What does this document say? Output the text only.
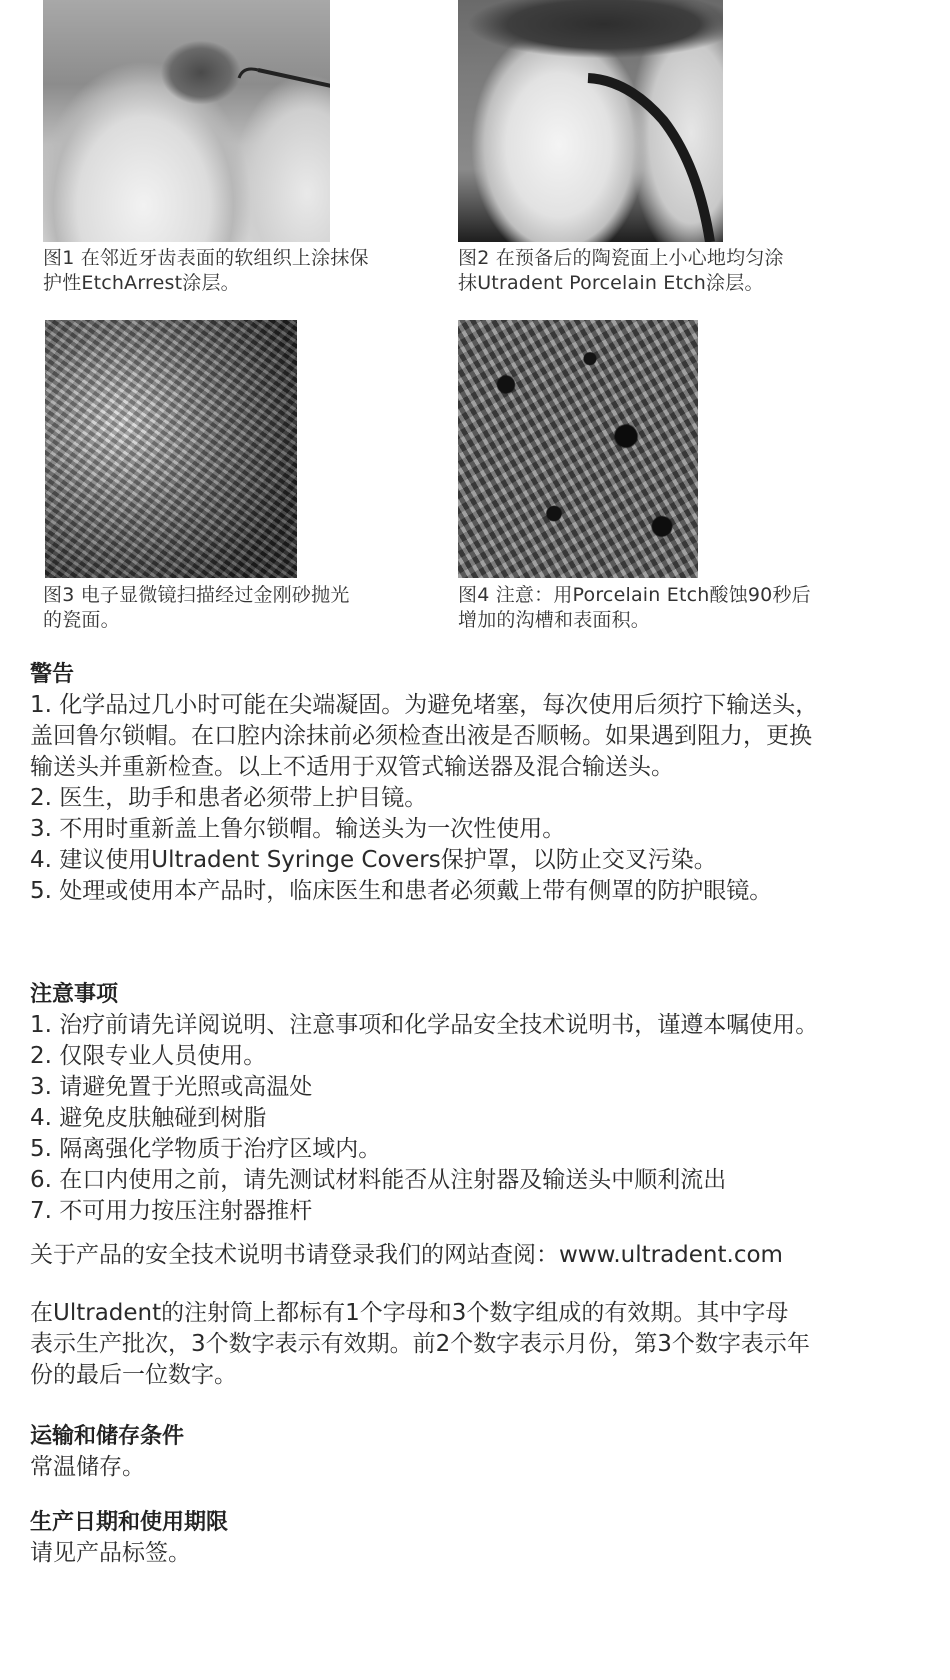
图1 在邻近牙齿表面的软组织上涂抹保
护性EtchArrest涂层。
图2 在预备后的陶瓷面上小心地均匀涂
抹Utradent Porcelain Etch涂层。
图3 电子显微镜扫描经过金刚砂抛光
的瓷面。
图4 注意：用Porcelain Etch酸蚀90秒后
增加的沟槽和表面积。
警告
1. 化学品过几小时可能在尖端凝固。为避免堵塞，每次使用后须拧下输送头，
盖回鲁尔锁帽。在口腔内涂抹前必须检查出液是否顺畅。如果遇到阻力，更换
输送头并重新检查。以上不适用于双管式输送器及混合输送头。
2. 医生，助手和患者必须带上护目镜。
3. 不用时重新盖上鲁尔锁帽。输送头为一次性使用。
4. 建议使用Ultradent Syringe Covers保护罩，以防止交叉污染。
5. 处理或使用本产品时，临床医生和患者必须戴上带有侧罩的防护眼镜。
注意事项
1. 治疗前请先详阅说明、注意事项和化学品安全技术说明书，谨遵本嘱使用。
2. 仅限专业人员使用。
3. 请避免置于光照或高温处
4. 避免皮肤触碰到树脂
5. 隔离强化学物质于治疗区域内。
6. 在口内使用之前，请先测试材料能否从注射器及输送头中顺利流出
7. 不可用力按压注射器推杆
关于产品的安全技术说明书请登录我们的网站查阅：www.ultradent.com
在Ultradent的注射筒上都标有1个字母和3个数字组成的有效期。其中字母
表示生产批次，3个数字表示有效期。前2个数字表示月份，第3个数字表示年
份的最后一位数字。
运输和储存条件
常温储存。
生产日期和使用期限
请见产品标签。
